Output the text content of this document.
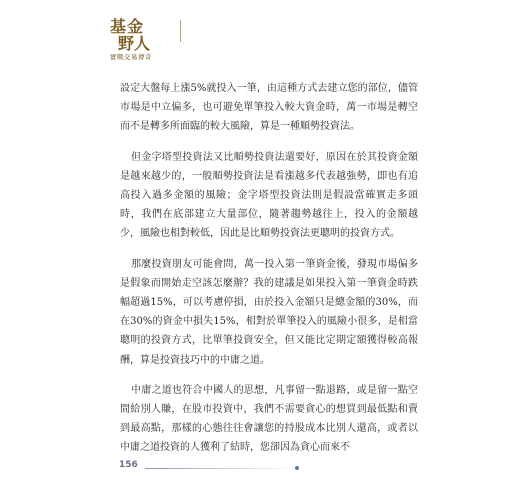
基金
野人
實戰交易傳奇

設定大盤每上漲5%就投入一筆，由這種方式去建立您的部位，儘管市場是中立偏多，也可避免單筆投入較大資金時，萬一市場是轉空而不是轉多所面臨的較大風險，算是一種順勢投資法。

但金字塔型投資法又比順勢投資法還要好，原因在於其投資金額是越來越少的，一般順勢投資法是看漲越多代表越強勢，即也有追高投入過多金額的風險；金字塔型投資法則是假設當確實走多頭時，我們在底部建立大量部位，隨著趨勢越往上，投入的金額越少，風險也相對較低，因此是比順勢投資法更聰明的投資方式。

那麼投資朋友可能會問，萬一投入第一筆資金後，發現市場偏多是假象而開始走空該怎麼辦？我的建議是如果投入第一筆資金時跌幅超過15%，可以考慮停損，由於投入金額只是總金額的30%，而在30%的資金中損失15%，相對於單筆投入的風險小很多，是相當聰明的投資方式，比單筆投資安全，但又能比定期定額獲得較高報酬，算是投資技巧中的中庸之道。

中庸之道也符合中國人的思想，凡事留一點退路，或是留一點空間給別人賺，在股市投資中，我們不需要貪心的想買到最低點和賣到最高點，那樣的心態往往會讓您的持股成本比別人還高，或者以中庸之道投資的人獲利了結時，您卻因為貪心而來不

156
